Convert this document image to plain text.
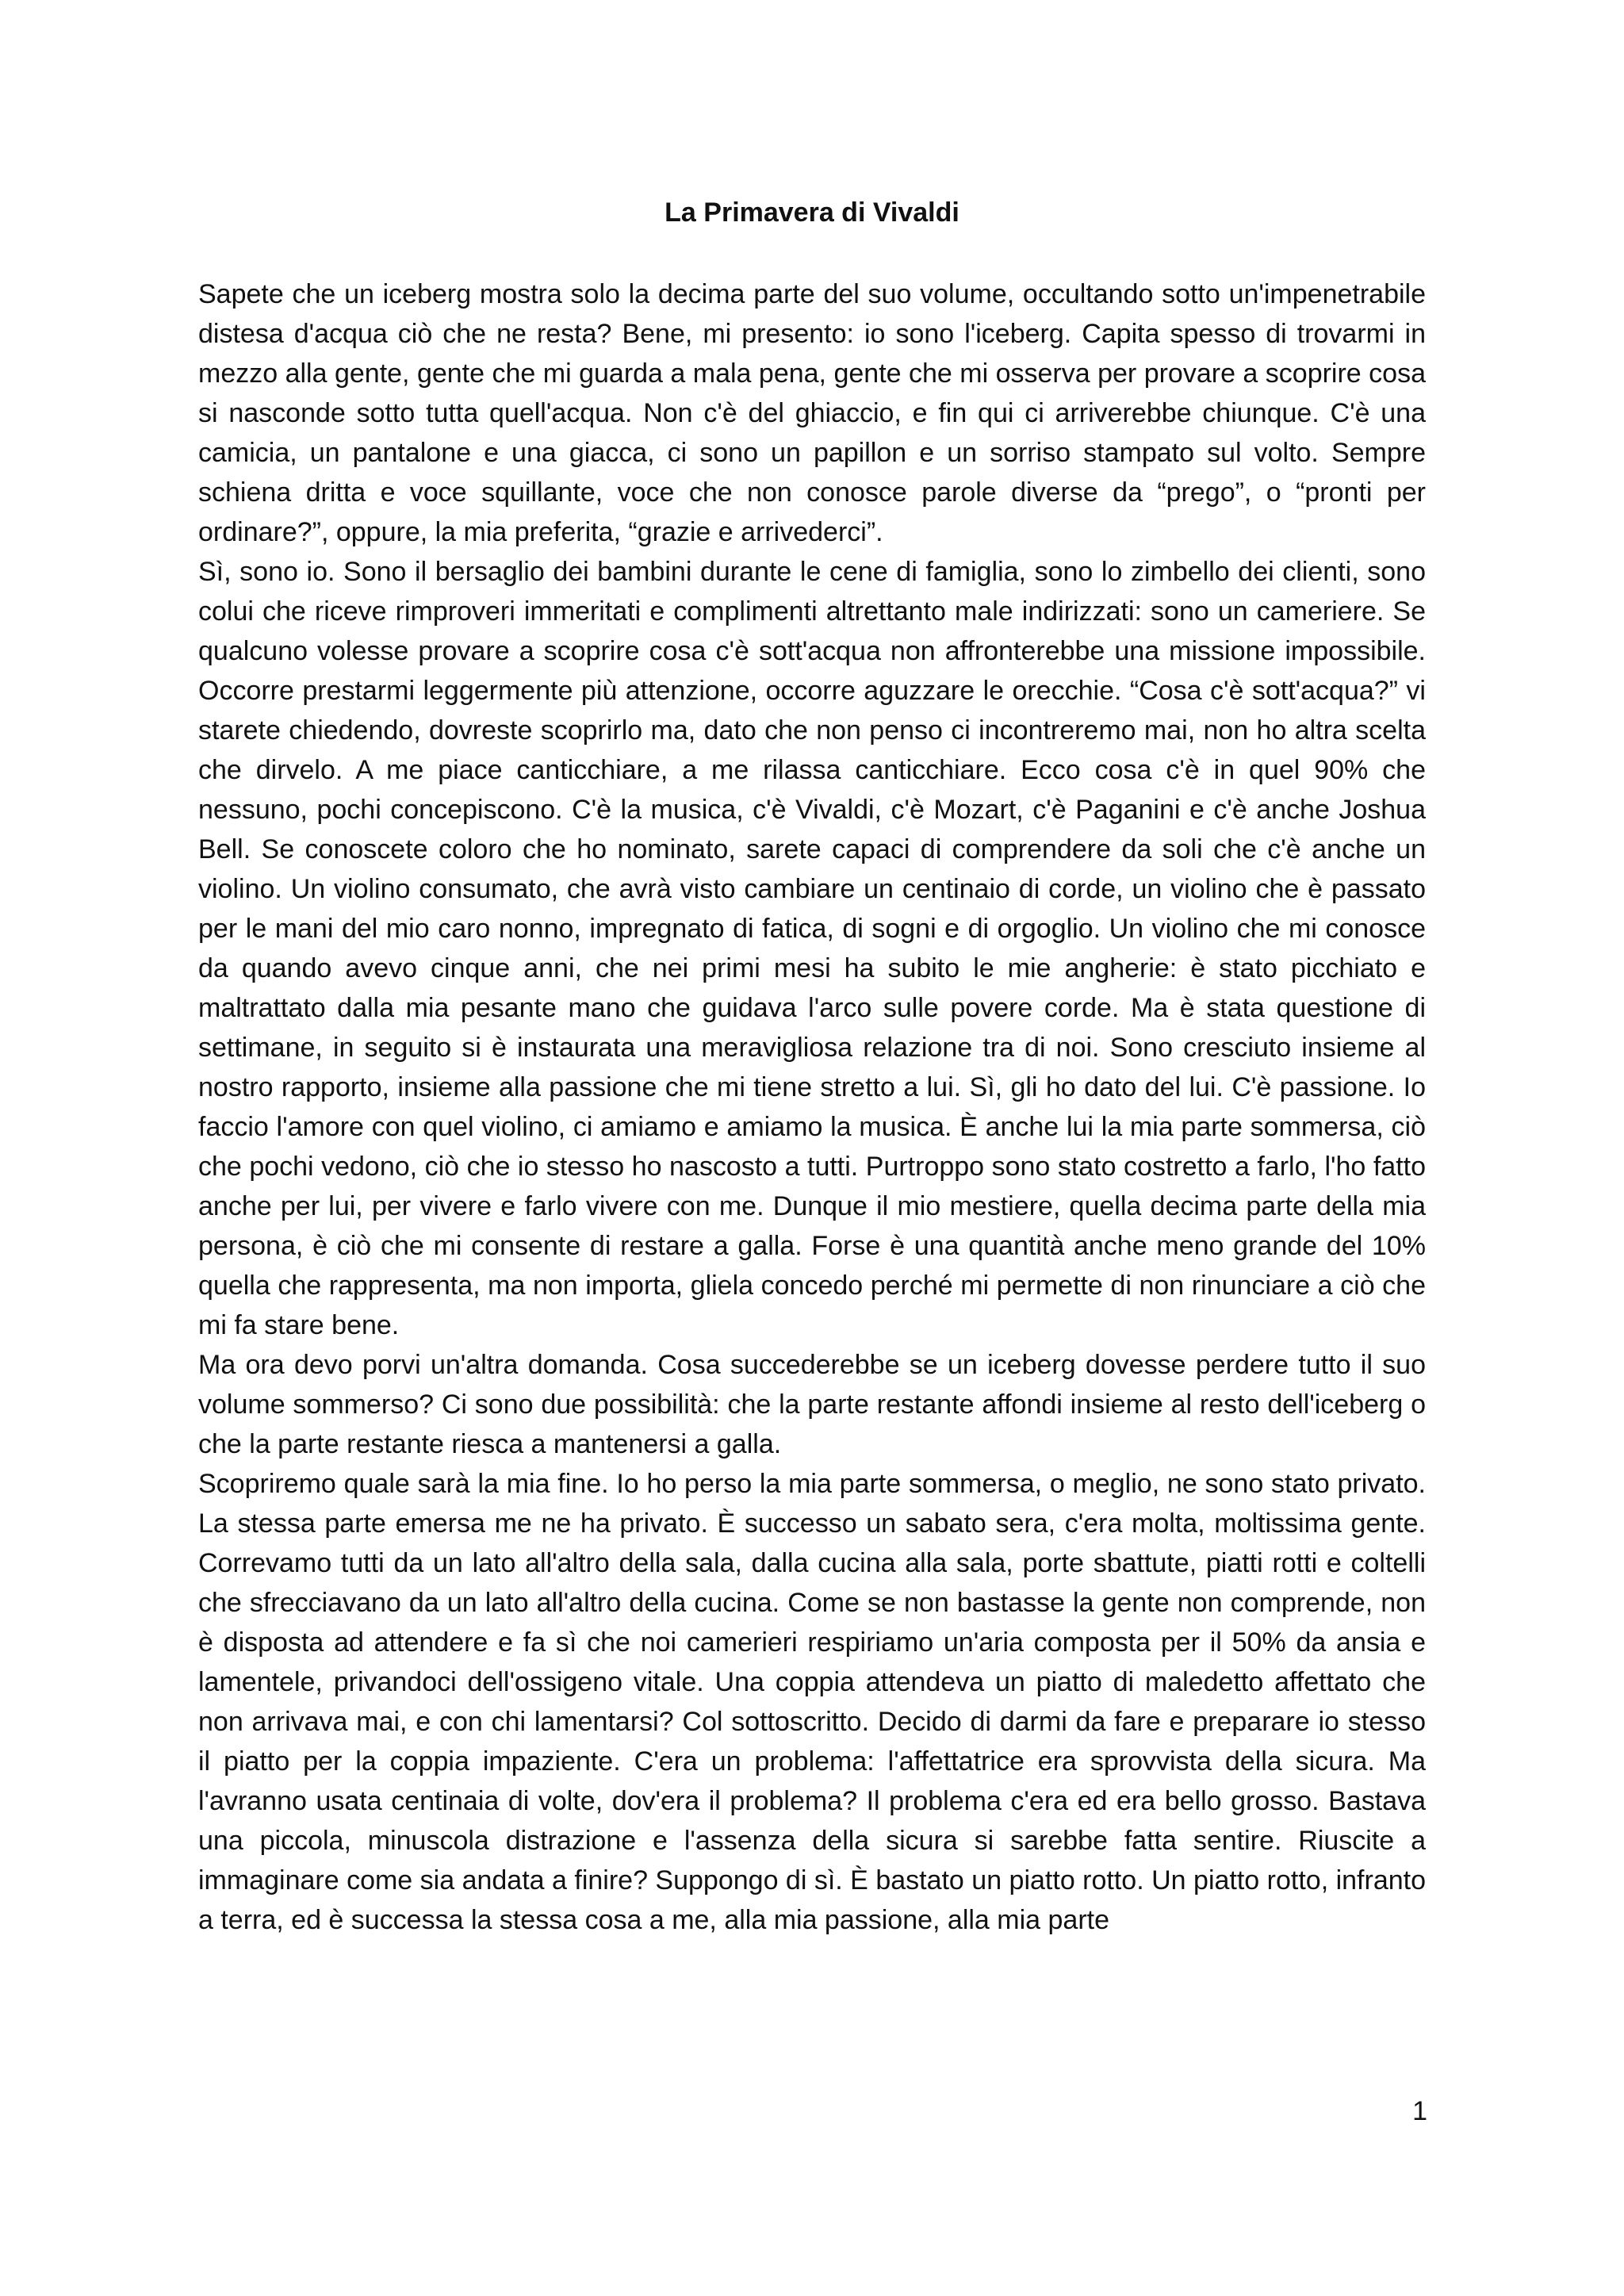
La Primavera di Vivaldi

Sapete che un iceberg mostra solo la decima parte del suo volume, occultando sotto un'impenetrabile distesa d'acqua ciò che ne resta? Bene, mi presento: io sono l'iceberg. Capita spesso di trovarmi in mezzo alla gente, gente che mi guarda a mala pena, gente che mi osserva per provare a scoprire cosa si nasconde sotto tutta quell'acqua. Non c'è del ghiaccio, e fin qui ci arriverebbe chiunque. C'è una camicia, un pantalone e una giacca, ci sono un papillon e un sorriso stampato sul volto. Sempre schiena dritta e voce squillante, voce che non conosce parole diverse da “prego”, o “pronti per ordinare?”, oppure, la mia preferita, “grazie e arrivederci”.

Sì, sono io. Sono il bersaglio dei bambini durante le cene di famiglia, sono lo zimbello dei clienti, sono colui che riceve rimproveri immeritati e complimenti altrettanto male indirizzati: sono un cameriere. Se qualcuno volesse provare a scoprire cosa c'è sott'acqua non affronterebbe una missione impossibile. Occorre prestarmi leggermente più attenzione, occorre aguzzare le orecchie. “Cosa c'è sott'acqua?” vi starete chiedendo, dovreste scoprirlo ma, dato che non penso ci incontreremo mai, non ho altra scelta che dirvelo. A me piace canticchiare, a me rilassa canticchiare. Ecco cosa c'è in quel 90% che nessuno, pochi concepiscono. C'è la musica, c'è Vivaldi, c'è Mozart, c'è Paganini e c'è anche Joshua Bell. Se conoscete coloro che ho nominato, sarete capaci di comprendere da soli che c'è anche un violino. Un violino consumato, che avrà visto cambiare un centinaio di corde, un violino che è passato per le mani del mio caro nonno, impregnato di fatica, di sogni e di orgoglio. Un violino che mi conosce da quando avevo cinque anni, che nei primi mesi ha subito le mie angherie: è stato picchiato e maltrattato dalla mia pesante mano che guidava l'arco sulle povere corde. Ma è stata questione di settimane, in seguito si è instaurata una meravigliosa relazione tra di noi. Sono cresciuto insieme al nostro rapporto, insieme alla passione che mi tiene stretto a lui. Sì, gli ho dato del lui. C'è passione. Io faccio l'amore con quel violino, ci amiamo e amiamo la musica. È anche lui la mia parte sommersa, ciò che pochi vedono, ciò che io stesso ho nascosto a tutti. Purtroppo sono stato costretto a farlo, l'ho fatto anche per lui, per vivere e farlo vivere con me. Dunque il mio mestiere, quella decima parte della mia persona, è ciò che mi consente di restare a galla. Forse è una quantità anche meno grande del 10% quella che rappresenta, ma non importa, gliela concedo perché mi permette di non rinunciare a ciò che mi fa stare bene.

Ma ora devo porvi un'altra domanda. Cosa succederebbe se un iceberg dovesse perdere tutto il suo volume sommerso? Ci sono due possibilità: che la parte restante affondi insieme al resto dell'iceberg o che la parte restante riesca a mantenersi a galla.

Scopriremo quale sarà la mia fine. Io ho perso la mia parte sommersa, o meglio, ne sono stato privato. La stessa parte emersa me ne ha privato. È successo un sabato sera, c'era molta, moltissima gente. Correvamo tutti da un lato all'altro della sala, dalla cucina alla sala, porte sbattute, piatti rotti e coltelli che sfrecciavano da un lato all'altro della cucina. Come se non bastasse la gente non comprende, non è disposta ad attendere e fa sì che noi camerieri respiriamo un'aria composta per il 50% da ansia e lamentele, privandoci dell'ossigeno vitale. Una coppia attendeva un piatto di maledetto affettato che non arrivava mai, e con chi lamentarsi? Col sottoscritto. Decido di darmi da fare e preparare io stesso il piatto per la coppia impaziente. C'era un problema: l'affettatrice era sprovvista della sicura. Ma l'avranno usata centinaia di volte, dov'era il problema? Il problema c'era ed era bello grosso. Bastava una piccola, minuscola distrazione e l'assenza della sicura si sarebbe fatta sentire. Riuscite a immaginare come sia andata a finire? Suppongo di sì. È bastato un piatto rotto. Un piatto rotto, infranto a terra, ed è successa la stessa cosa a me, alla mia passione, alla mia parte

1
